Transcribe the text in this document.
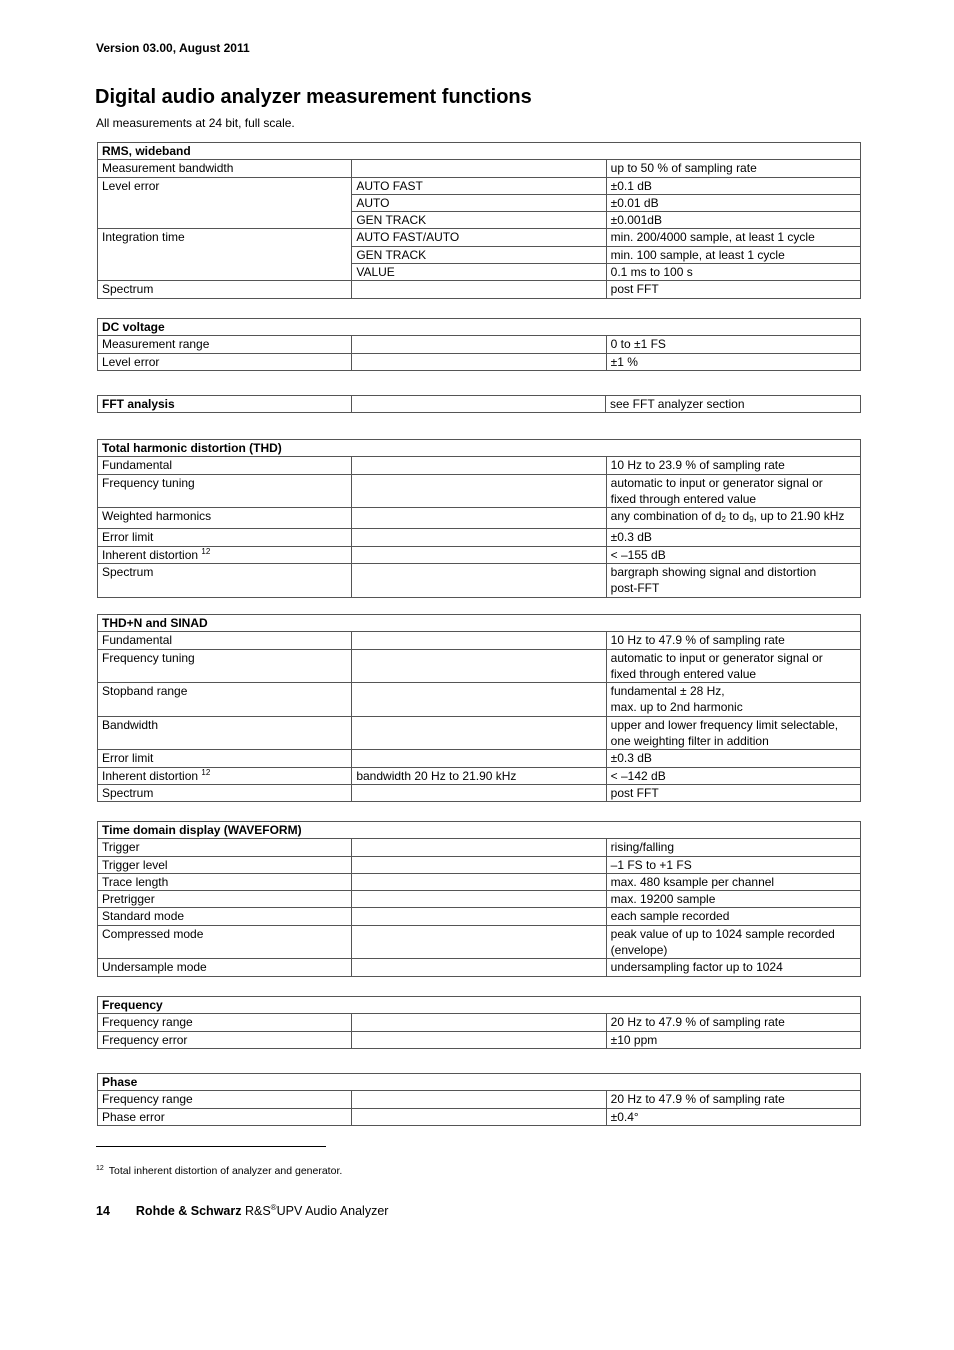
Version 03.00, August 2011
Digital audio analyzer measurement functions
All measurements at 24 bit, full scale.
RMS, wideband		
Measurement bandwidth		up to 50 % of sampling rate
Level error	AUTO FAST	±0.1 dB
	AUTO	±0.01 dB
	GEN TRACK	±0.001dB
Integration time	AUTO FAST/AUTO	min. 200/4000 sample, at least 1 cycle
	GEN TRACK	min. 100 sample, at least 1 cycle
	VALUE	0.1 ms to 100 s
Spectrum		post FFT
DC voltage		
Measurement range		0 to ±1 FS
Level error		±1 %
FFT analysis		see FFT analyzer section
Total harmonic distortion (THD)		
Fundamental		10 Hz to 23.9 % of sampling rate
Frequency tuning		automatic to input or generator signal or
fixed through entered value
Weighted harmonics		any combination of $d_2$ to $d_9$, up to 21.90 kHz
Error limit		±0.3 dB
Inherent distortion $^{12}$		< –155 dB
Spectrum		bargraph showing signal and distortion
post-FFT
THD+N and SINAD		
Fundamental		10 Hz to 47.9 % of sampling rate
Frequency tuning		automatic to input or generator signal or
fixed through entered value
Stopband range		fundamental ± 28 Hz,
max. up to 2nd harmonic
Bandwidth		upper and lower frequency limit selectable,
one weighting filter in addition
Error limit		±0.3 dB
Inherent distortion $^{12}$	bandwidth 20 Hz to 21.90 kHz	< –142 dB
Spectrum		post FFT
Time domain display (WAVEFORM)		
Trigger		rising/falling
Trigger level		–1 FS to +1 FS
Trace length		max. 480 ksample per channel
Pretrigger		max. 19200 sample
Standard mode		each sample recorded
Compressed mode		peak value of up to 1024 sample recorded
(envelope)
Undersample mode		undersampling factor up to 1024
Frequency		
Frequency range		20 Hz to 47.9 % of sampling rate
Frequency error		±10 ppm
Phase		
Frequency range		20 Hz to 47.9 % of sampling rate
Phase error		±0.4°
$^{12}$ Total inherent distortion of analyzer and generator.
14 Rohde & Schwarz R&S®UPV Audio Analyzer
